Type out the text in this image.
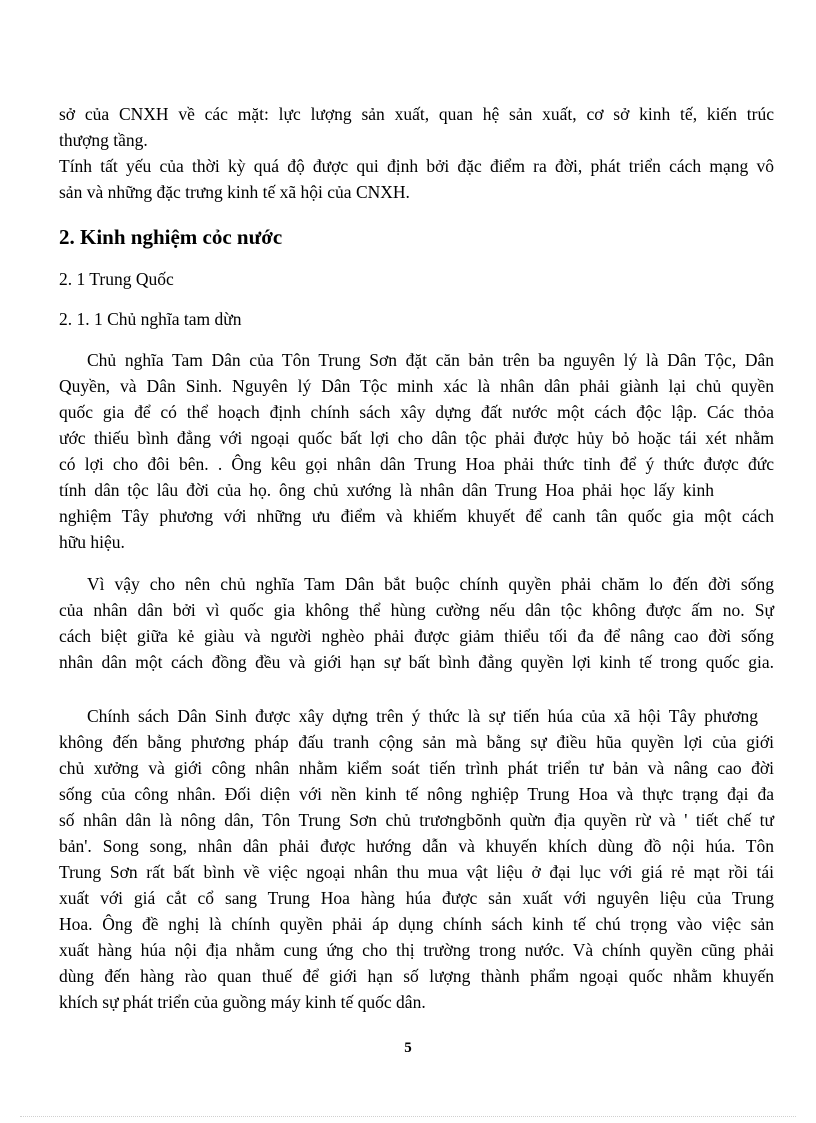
sở của CNXH về các mặt: lực lượng sản xuất, quan hệ sản xuất, cơ sở kinh tế, kiến trúc
thượng tầng.
Tính tất yếu của thời kỳ quá độ được qui định bởi đặc điểm ra đời, phát triển cách mạng vô
sản và những đặc trưng kinh tế xã hội của CNXH.
2. Kinh nghiệm cỏc nước
2. 1 Trung Quốc
2. 1. 1 Chủ nghĩa tam dừn
Chủ nghĩa Tam Dân của Tôn Trung Sơn đặt căn bản trên ba nguyên lý là Dân Tộc, Dân
Quyền, và Dân Sinh. Nguyên lý Dân Tộc minh xác là nhân dân phải giành lại chủ quyền
quốc gia để có thể hoạch định chính sách xây dựng đất nước một cách độc lập. Các thỏa
ước thiếu bình đẳng với ngoại quốc bất lợi cho dân tộc phải được hủy bỏ hoặc tái xét nhằm
có lợi cho đôi bên. . Ông kêu gọi nhân dân Trung Hoa phải thức tỉnh để ý thức được đức
tính dân tộc lâu đời của họ. ông chủ xướng là nhân dân Trung Hoa phải học lấy kinh
nghiệm Tây phương với những ưu điểm và khiếm khuyết để canh tân quốc gia một cách
hữu hiệu.
Vì vậy cho nên chủ nghĩa Tam Dân bắt buộc chính quyền phải chăm lo đến đời sống
của nhân dân bởi vì quốc gia không thể hùng cường nếu dân tộc không được ấm no. Sự
cách biệt giữa kẻ giàu và người nghèo phải được giảm thiểu tối đa để nâng cao đời sống
nhân dân một cách đồng đều và giới hạn sự bất bình đẳng quyền lợi kinh tế trong quốc gia.
Chính sách Dân Sinh được xây dựng trên ý thức là sự tiến húa của xã hội Tây phương
không đến bằng phương pháp đấu tranh cộng sản mà bằng sự điều hũa quyền lợi của giới
chủ xưởng và giới công nhân nhằm kiểm soát tiến trình phát triển tư bản và nâng cao đời
sống của công nhân. Đối diện với nền kinh tế nông nghiệp Trung Hoa và thực trạng đại đa
số nhân dân là nông dân, Tôn Trung Sơn chủ trươngbõnh quừn địa quyền rừ và ' tiết chế tư
bản'. Song song, nhân dân phải được hướng dẫn và khuyến khích dùng đồ nội húa. Tôn
Trung Sơn rất bất bình về việc ngoại nhân thu mua vật liệu ở đại lục với giá rẻ mạt rồi tái
xuất với giá cắt cổ sang Trung Hoa hàng húa được sản xuất với nguyên liệu của Trung
Hoa. Ông đề nghị là chính quyền phải áp dụng chính sách kinh tế chú trọng vào việc sản
xuất hàng húa nội địa nhằm cung ứng cho thị trường trong nước. Và chính quyền cũng phải
dùng đến hàng rào quan thuế để giới hạn số lượng thành phẩm ngoại quốc nhằm khuyến
khích sự phát triển của guồng máy kinh tế quốc dân.
5
